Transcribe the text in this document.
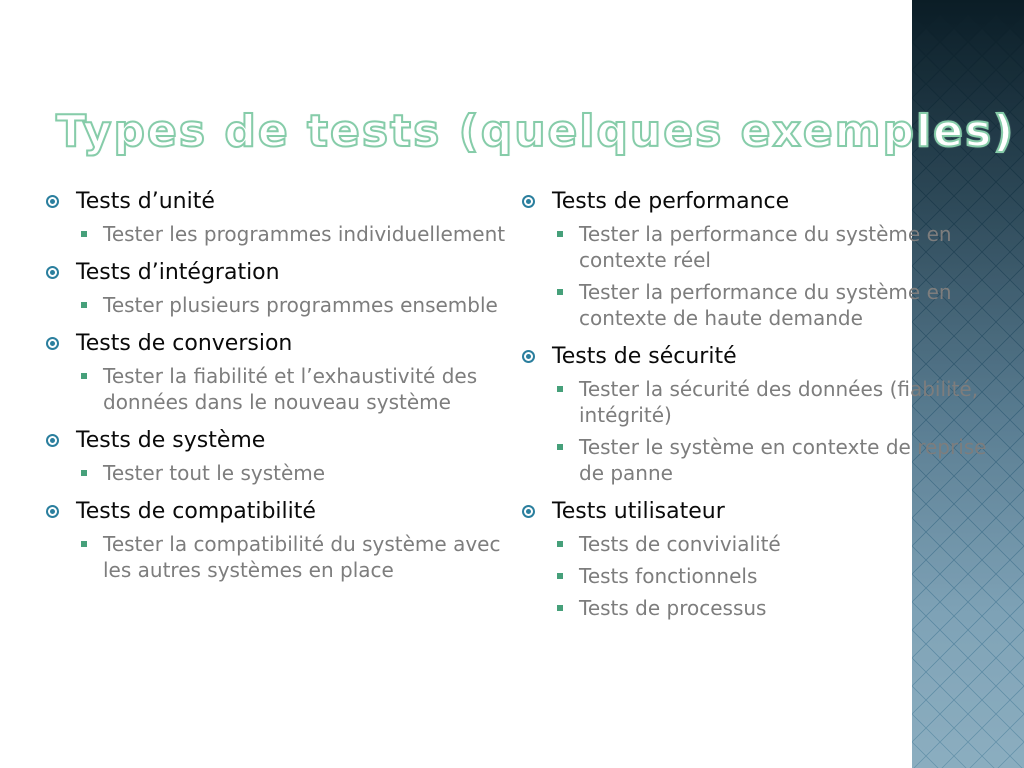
Types de tests (quelques exemples)
Tests d’unité
Tester les programmes individuellement
Tests d’intégration
Tester plusieurs programmes ensemble
Tests de conversion
Tester la fiabilité et l’exhaustivité des données dans le nouveau système
Tests de système
Tester tout le système
Tests de compatibilité
Tester la compatibilité du système avec les autres systèmes en place
Tests de performance
Tester la performance du système en contexte réel
Tester la performance du système en contexte de haute demande
Tests de sécurité
Tester la sécurité des données (fiabilité, intégrité)
Tester le système en contexte de reprise de panne
Tests utilisateur
Tests de convivialité
Tests fonctionnels
Tests de processus
